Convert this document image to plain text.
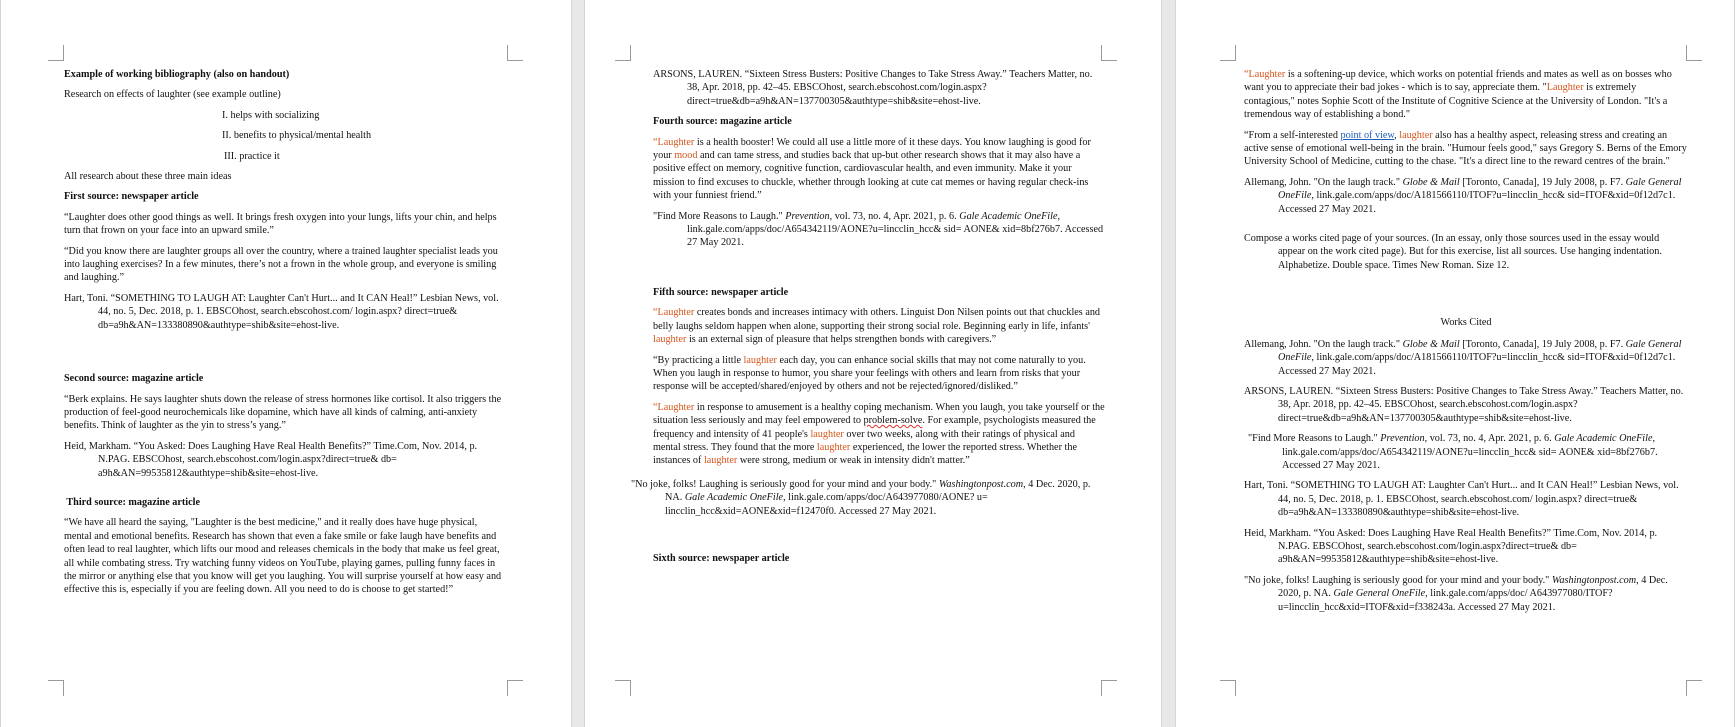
Example of working bibliography (also on handout)

Research on effects of laughter (see example outline)

I. helps with socializing

II. benefits to physical/mental health

III. practice it

All research about these three main ideas

First source: newspaper article

“Laughter does other good things as well. It brings fresh oxygen into your lungs, lifts your chin, and helps turn that frown on your face into an upward smile.”

“Did you know there are laughter groups all over the country, where a trained laughter specialist leads you into laughing exercises? In a few minutes, there’s not a frown in the whole group, and everyone is smiling and laughing.”

Hart, Toni. “SOMETHING TO LAUGH AT: Laughter Can't Hurt... and It CAN Heal!” Lesbian News, vol. 44, no. 5, Dec. 2018, p. 1. EBSCOhost, search.ebscohost.com/ login.aspx? direct=true& db=a9h&AN=133380890&authtype=shib&site=ehost-live.

Second source: magazine article

“Berk explains. He says laughter shuts down the release of stress hormones like cortisol. It also triggers the production of feel-good neurochemicals like dopamine, which have all kinds of calming, anti-anxiety benefits. Think of laughter as the yin to stress’s yang.”

Heid, Markham. “You Asked: Does Laughing Have Real Health Benefits?” Time.Com, Nov. 2014, p. N.PAG. EBSCOhost, search.ebscohost.com/login.aspx?direct=true& db= a9h&AN=99535812&authtype=shib&site=ehost-live.

Third source: magazine article

“We have all heard the saying, "Laughter is the best medicine," and it really does have huge physical, mental and emotional benefits. Research has shown that even a fake smile or fake laugh have benefits and often lead to real laughter, which lifts our mood and releases chemicals in the body that make us feel great, all while combating stress. Try watching funny videos on YouTube, playing games, pulling funny faces in the mirror or anything else that you know will get you laughing. You will surprise yourself at how easy and effective this is, especially if you are feeling down. All you need to do is choose to get started!”

ARSONS, LAUREN. “Sixteen Stress Busters: Positive Changes to Take Stress Away.” Teachers Matter, no. 38, Apr. 2018, pp. 42–45. EBSCOhost, search.ebscohost.com/login.aspx? direct=true&db=a9h&AN=137700305&authtype=shib&site=ehost-live.

Fourth source: magazine article

“Laughter is a health booster! We could all use a little more of it these days. You know laughing is good for your mood and can tame stress, and studies back that up-but other research shows that it may also have a positive effect on memory, cognitive function, cardiovascular health, and even immunity. Make it your mission to find excuses to chuckle, whether through looking at cute cat memes or having regular check-ins with your funniest friend.”

"Find More Reasons to Laugh." Prevention, vol. 73, no. 4, Apr. 2021, p. 6. Gale Academic OneFile, link.gale.com/apps/doc/A654342119/AONE?u=lincclin_hcc& sid= AONE& xid=8bf276b7. Accessed 27 May 2021.

Fifth source: newspaper article

“Laughter creates bonds and increases intimacy with others. Linguist Don Nilsen points out that chuckles and belly laughs seldom happen when alone, supporting their strong social role. Beginning early in life, infants' laughter is an external sign of pleasure that helps strengthen bonds with caregivers.”

“By practicing a little laughter each day, you can enhance social skills that may not come naturally to you. When you laugh in response to humor, you share your feelings with others and learn from risks that your response will be accepted/shared/enjoyed by others and not be rejected/ignored/disliked.”

“Laughter in response to amusement is a healthy coping mechanism. When you laugh, you take yourself or the situation less seriously and may feel empowered to problem-solve. For example, psychologists measured the frequency and intensity of 41 people's laughter over two weeks, along with their ratings of physical and mental stress. They found that the more laughter experienced, the lower the reported stress. Whether the instances of laughter were strong, medium or weak in intensity didn't matter.”

"No joke, folks! Laughing is seriously good for your mind and your body." Washingtonpost.com, 4 Dec. 2020, p. NA. Gale Academic OneFile, link.gale.com/apps/doc/A643977080/AONE? u= lincclin_hcc&xid=AONE&xid=f12470f0. Accessed 27 May 2021.

Sixth source: newspaper article

“Laughter is a softening-up device, which works on potential friends and mates as well as on bosses who want you to appreciate their bad jokes - which is to say, appreciate them. "Laughter is extremely contagious," notes Sophie Scott of the Institute of Cognitive Science at the University of London. "It's a tremendous way of establishing a bond."

“From a self-interested point of view, laughter also has a healthy aspect, releasing stress and creating an active sense of emotional well-being in the brain. "Humour feels good," says Gregory S. Berns of the Emory University School of Medicine, cutting to the chase. "It's a direct line to the reward centres of the brain."

Allemang, John. "On the laugh track." Globe & Mail [Toronto, Canada], 19 July 2008, p. F7. Gale General OneFile, link.gale.com/apps/doc/A181566110/ITOF?u=lincclin_hcc& sid=ITOF&xid=0f12d7c1. Accessed 27 May 2021.

Compose a works cited page of your sources. (In an essay, only those sources used in the essay would appear on the work cited page). But for this exercise, list all sources. Use hanging indentation. Alphabetize. Double space. Times New Roman. Size 12.

Works Cited

Allemang, John. "On the laugh track." Globe & Mail [Toronto, Canada], 19 July 2008, p. F7. Gale General OneFile, link.gale.com/apps/doc/A181566110/ITOF?u=lincclin_hcc& sid=ITOF&xid=0f12d7c1. Accessed 27 May 2021.

ARSONS, LAUREN. “Sixteen Stress Busters: Positive Changes to Take Stress Away.” Teachers Matter, no. 38, Apr. 2018, pp. 42–45. EBSCOhost, search.ebscohost.com/login.aspx? direct=true&db=a9h&AN=137700305&authtype=shib&site=ehost-live.

"Find More Reasons to Laugh." Prevention, vol. 73, no. 4, Apr. 2021, p. 6. Gale Academic OneFile, link.gale.com/apps/doc/A654342119/AONE?u=lincclin_hcc& sid= AONE& xid=8bf276b7. Accessed 27 May 2021.

Hart, Toni. “SOMETHING TO LAUGH AT: Laughter Can't Hurt... and It CAN Heal!” Lesbian News, vol. 44, no. 5, Dec. 2018, p. 1. EBSCOhost, search.ebscohost.com/ login.aspx? direct=true& db=a9h&AN=133380890&authtype=shib&site=ehost-live.

Heid, Markham. “You Asked: Does Laughing Have Real Health Benefits?” Time.Com, Nov. 2014, p. N.PAG. EBSCOhost, search.ebscohost.com/login.aspx?direct=true& db= a9h&AN=99535812&authtype=shib&site=ehost-live.

"No joke, folks! Laughing is seriously good for your mind and your body." Washingtonpost.com, 4 Dec. 2020, p. NA. Gale General OneFile, link.gale.com/apps/doc/ A643977080/ITOF? u=lincclin_hcc&xid=ITOF&xid=f338243a. Accessed 27 May 2021.
